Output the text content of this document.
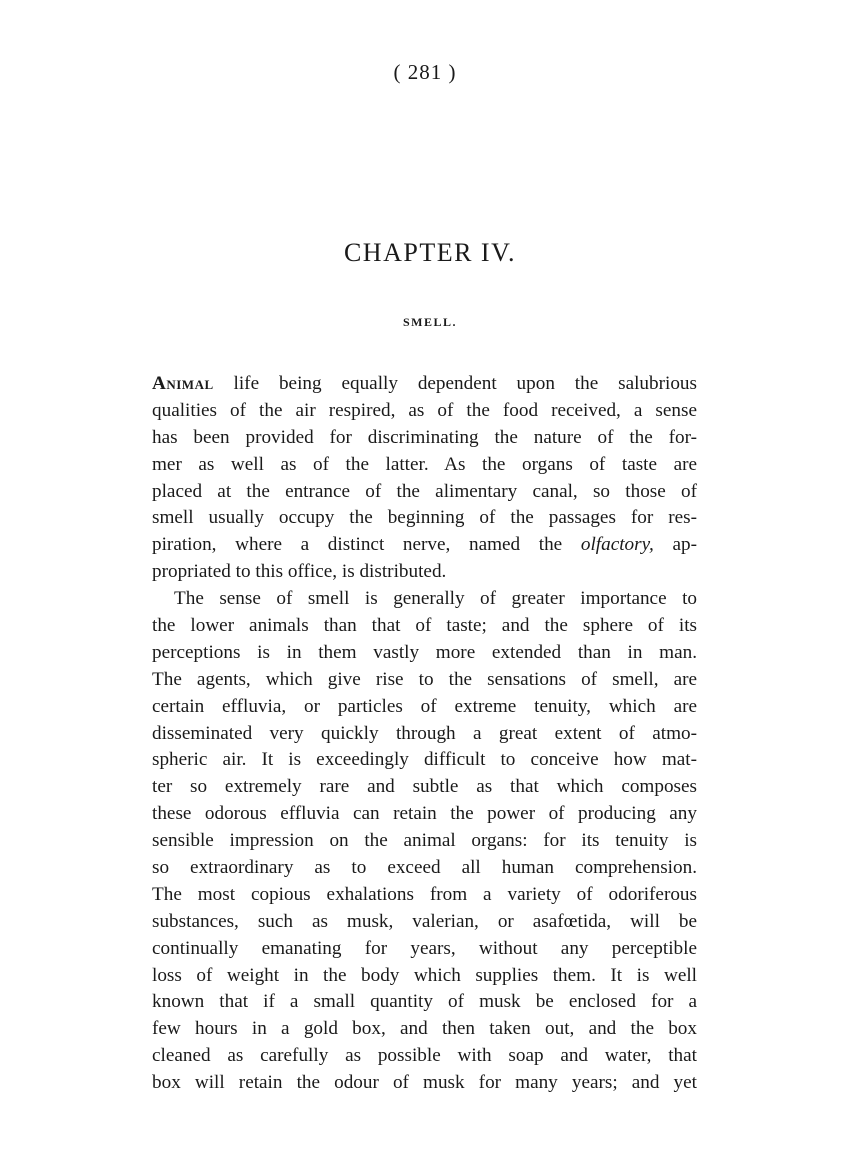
( 281 )
CHAPTER IV.
SMELL.
Animal life being equally dependent upon the salubrious
qualities of the air respired, as of the food received, a sense
has been provided for discriminating the nature of the for-
mer as well as of the latter. As the organs of taste are
placed at the entrance of the alimentary canal, so those of
smell usually occupy the beginning of the passages for res-
piration, where a distinct nerve, named the olfactory, ap-
propriated to this office, is distributed.
The sense of smell is generally of greater importance to
the lower animals than that of taste; and the sphere of its
perceptions is in them vastly more extended than in man.
The agents, which give rise to the sensations of smell, are
certain effluvia, or particles of extreme tenuity, which are
disseminated very quickly through a great extent of atmo-
spheric air. It is exceedingly difficult to conceive how mat-
ter so extremely rare and subtle as that which composes
these odorous effluvia can retain the power of producing any
sensible impression on the animal organs: for its tenuity is
so extraordinary as to exceed all human comprehension.
The most copious exhalations from a variety of odoriferous
substances, such as musk, valerian, or asafœtida, will be
continually emanating for years, without any perceptible
loss of weight in the body which supplies them. It is well
known that if a small quantity of musk be enclosed for a
few hours in a gold box, and then taken out, and the box
cleaned as carefully as possible with soap and water, that
box will retain the odour of musk for many years; and yet
